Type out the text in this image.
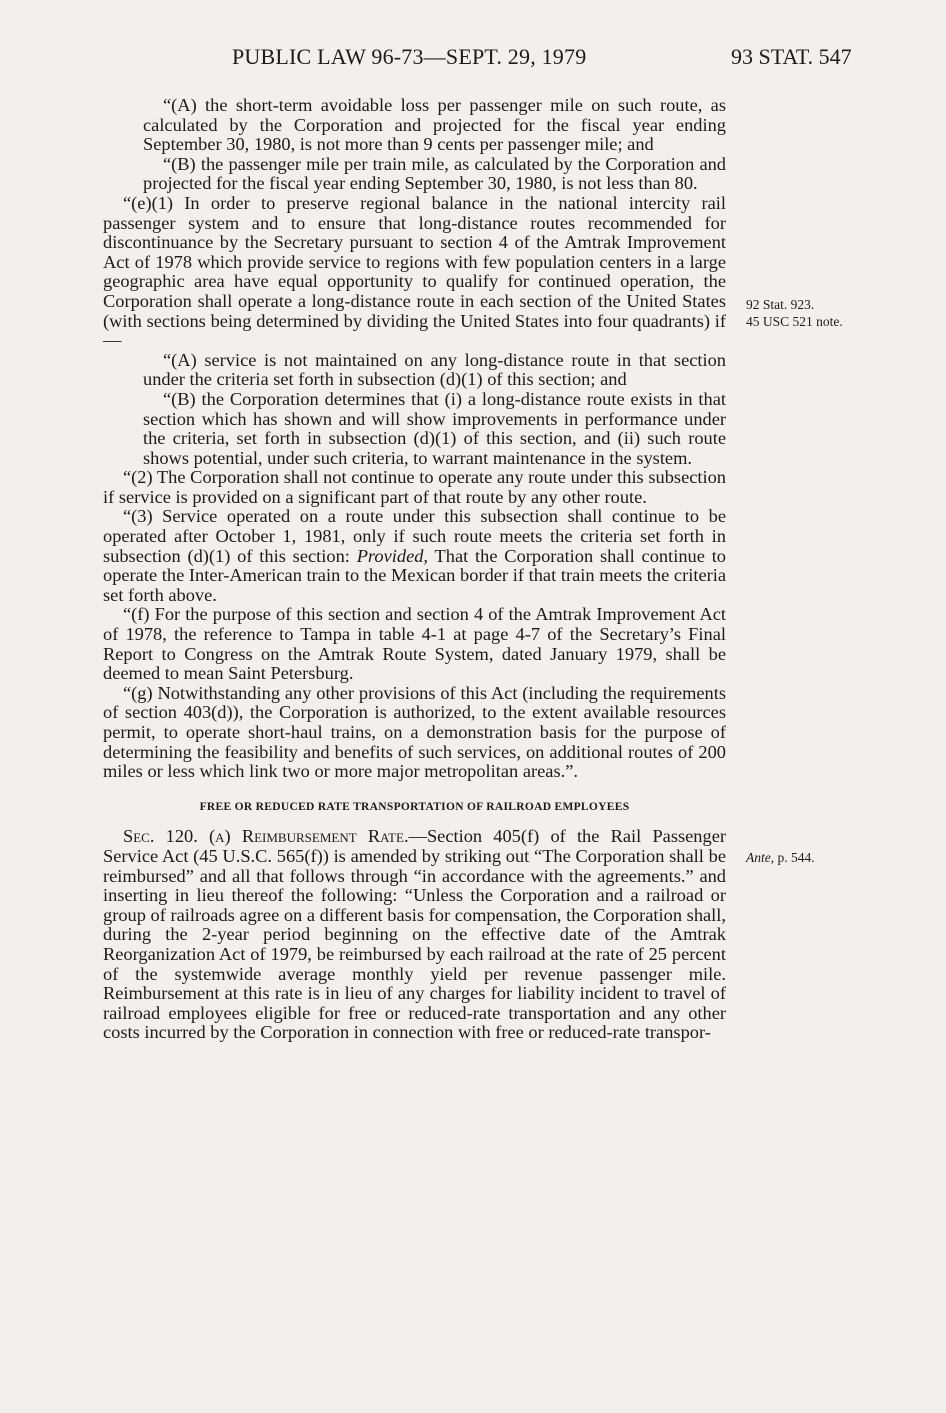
PUBLIC LAW 96-73—SEPT. 29, 1979	93 STAT. 547

“(A) the short-term avoidable loss per passenger mile on such route, as calculated by the Corporation and projected for the fiscal year ending September 30, 1980, is not more than 9 cents per passenger mile; and

“(B) the passenger mile per train mile, as calculated by the Corporation and projected for the fiscal year ending September 30, 1980, is not less than 80.

“(e)(1) In order to preserve regional balance in the national intercity rail passenger system and to ensure that long-distance routes recommended for discontinuance by the Secretary pursuant to section 4 of the Amtrak Improvement Act of 1978 which provide service to regions with few population centers in a large geographic area have equal opportunity to qualify for continued operation, the Corporation shall operate a long-distance route in each section of the United States (with sections being determined by dividing the United States into four quadrants) if—

“(A) service is not maintained on any long-distance route in that section under the criteria set forth in subsection (d)(1) of this section; and

“(B) the Corporation determines that (i) a long-distance route exists in that section which has shown and will show improvements in performance under the criteria, set forth in subsection (d)(1) of this section, and (ii) such route shows potential, under such criteria, to warrant maintenance in the system.

“(2) The Corporation shall not continue to operate any route under this subsection if service is provided on a significant part of that route by any other route.

“(3) Service operated on a route under this subsection shall continue to be operated after October 1, 1981, only if such route meets the criteria set forth in subsection (d)(1) of this section: Provided, That the Corporation shall continue to operate the Inter-American train to the Mexican border if that train meets the criteria set forth above.

“(f) For the purpose of this section and section 4 of the Amtrak Improvement Act of 1978, the reference to Tampa in table 4-1 at page 4-7 of the Secretary’s Final Report to Congress on the Amtrak Route System, dated January 1979, shall be deemed to mean Saint Petersburg.

“(g) Notwithstanding any other provisions of this Act (including the requirements of section 403(d)), the Corporation is authorized, to the extent available resources permit, to operate short-haul trains, on a demonstration basis for the purpose of determining the feasibility and benefits of such services, on additional routes of 200 miles or less which link two or more major metropolitan areas.”.

FREE OR REDUCED RATE TRANSPORTATION OF RAILROAD EMPLOYEES

Sec. 120. (a) Reimbursement Rate.—Section 405(f) of the Rail Passenger Service Act (45 U.S.C. 565(f)) is amended by striking out “The Corporation shall be reimbursed” and all that follows through “in accordance with the agreements.” and inserting in lieu thereof the following: “Unless the Corporation and a railroad or group of railroads agree on a different basis for compensation, the Corporation shall, during the 2-year period beginning on the effective date of the Amtrak Reorganization Act of 1979, be reimbursed by each railroad at the rate of 25 percent of the systemwide average monthly yield per revenue passenger mile. Reimbursement at this rate is in lieu of any charges for liability incident to travel of railroad employees eligible for free or reduced-rate transportation and any other costs incurred by the Corporation in connection with free or reduced-rate transpor-

92 Stat. 923.
45 USC 521 note.
Ante, p. 544.
